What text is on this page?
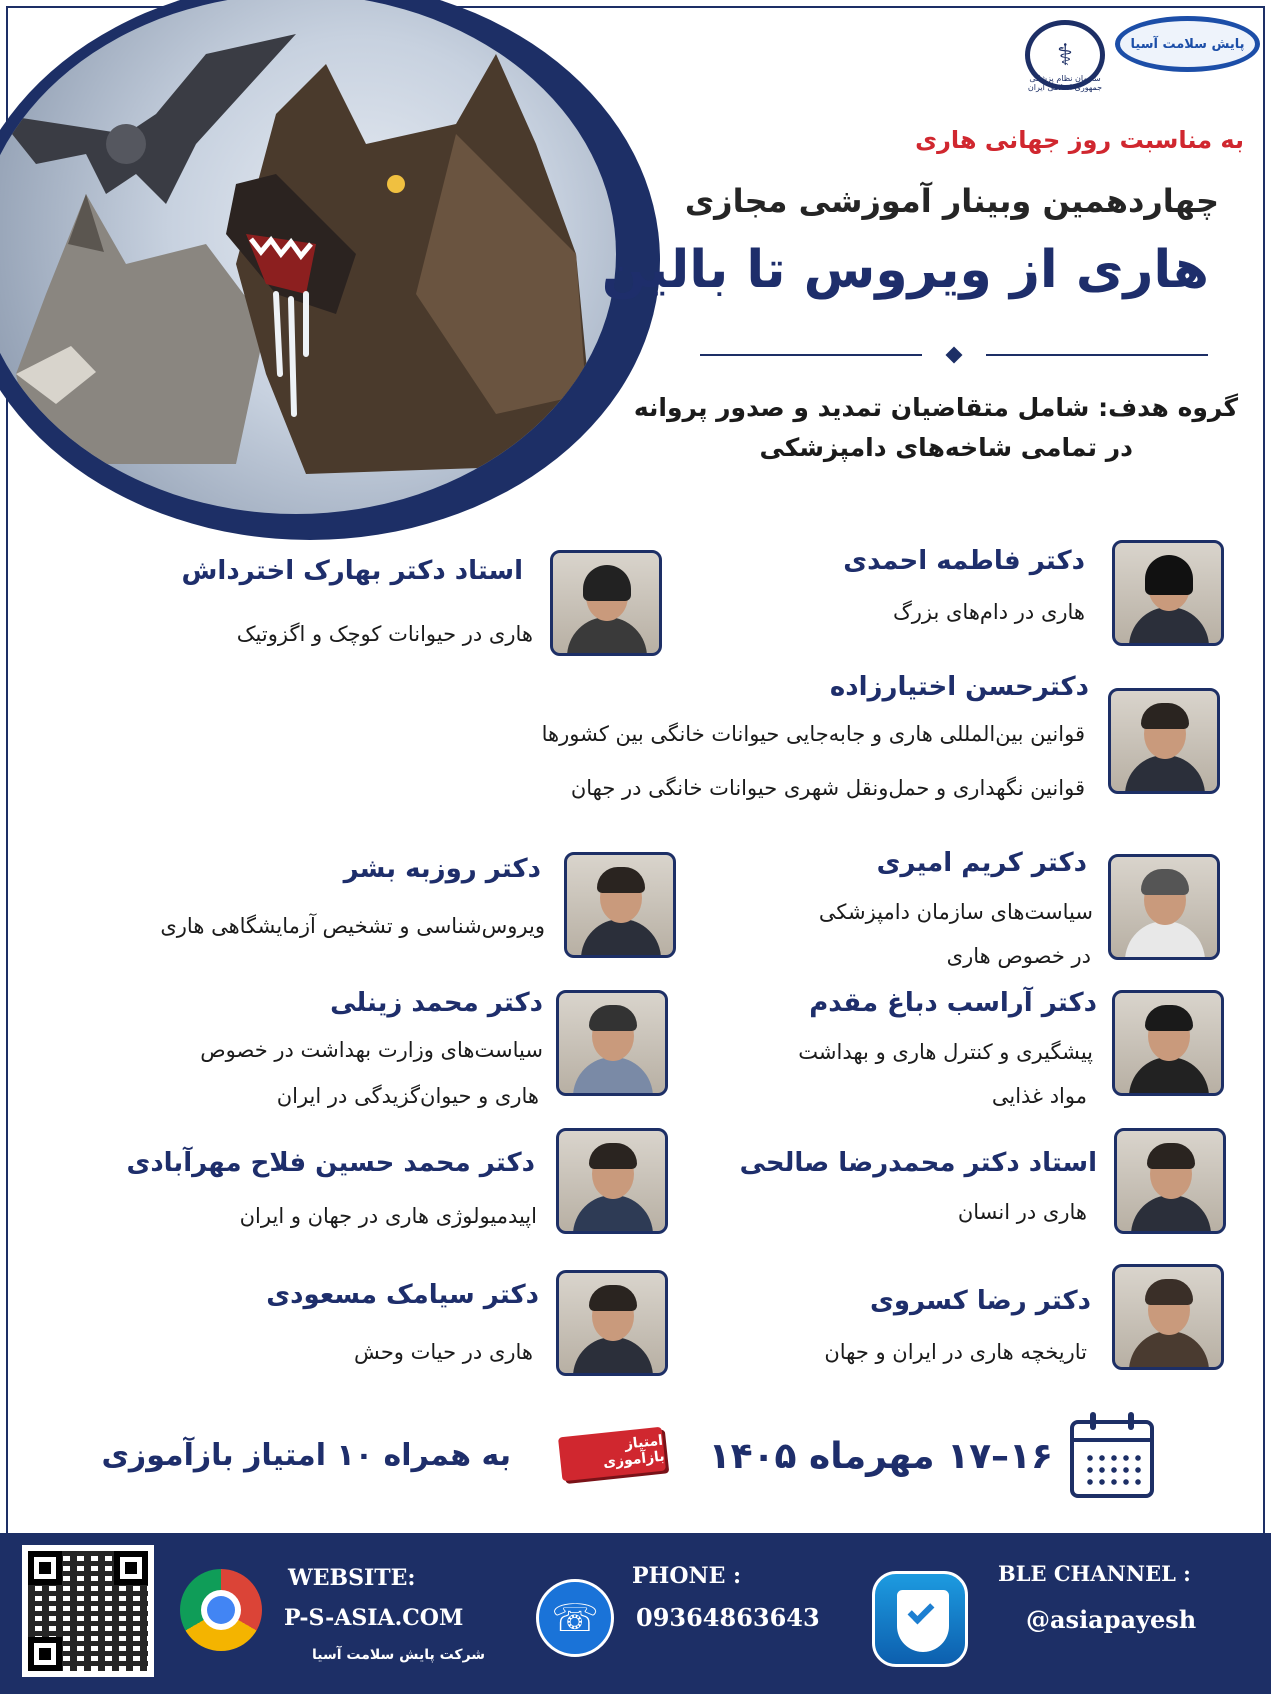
⚕
سازمان نظام پزشکی جمهوری اسلامی ایران
پایش سلامت آسیا
به مناسبت روز جهانی هاری
چهاردهمین وبینار آموزشی مجازی
هاری از ویروس تا بالین
گروه هدف: شامل متقاضیان تمدید و صدور پروانه
در تمامی شاخه‌های دامپزشکی
دکتر فاطمه احمدی
هاری در دام‌های بزرگ
استاد دکتر بهارک اخترداش
هاری در حیوانات کوچک و اگزوتیک
دکترحسن اختیارزاده
قوانین بین‌المللی هاری و جابه‌جایی حیوانات خانگی بین کشورها
قوانین نگهداری و حمل‌ونقل شهری حیوانات خانگی در جهان
دکتر کریم امیری
سیاست‌های سازمان دامپزشکی
در خصوص هاری
دکتر روزبه بشر
ویروس‌شناسی و تشخیص آزمایشگاهی هاری
دکتر آراسب دباغ مقدم
پیشگیری و کنترل هاری و بهداشت
مواد غذایی
دکتر محمد زینلی
سیاست‌های وزارت بهداشت در خصوص
هاری و حیوان‌گزیدگی در ایران
استاد دکتر محمدرضا صالحی
هاری در انسان
دکتر محمد حسین فلاح مهرآبادی
اپیدمیولوژی هاری در جهان و ایران
دکتر رضا کسروی
تاریخچه هاری در ایران و جهان
دکتر سیامک مسعودی
هاری در حیات وحش
۱۶–۱۷ مهرماه ۱۴۰۵
امتیاز بازآموزی
به همراه ۱۰ امتیاز بازآموزی
WEBSITE:
P-S-ASIA.COM
شرکت پایش سلامت آسیا
☏
PHONE :
09364863643
BLE CHANNEL :
@asiapayesh
